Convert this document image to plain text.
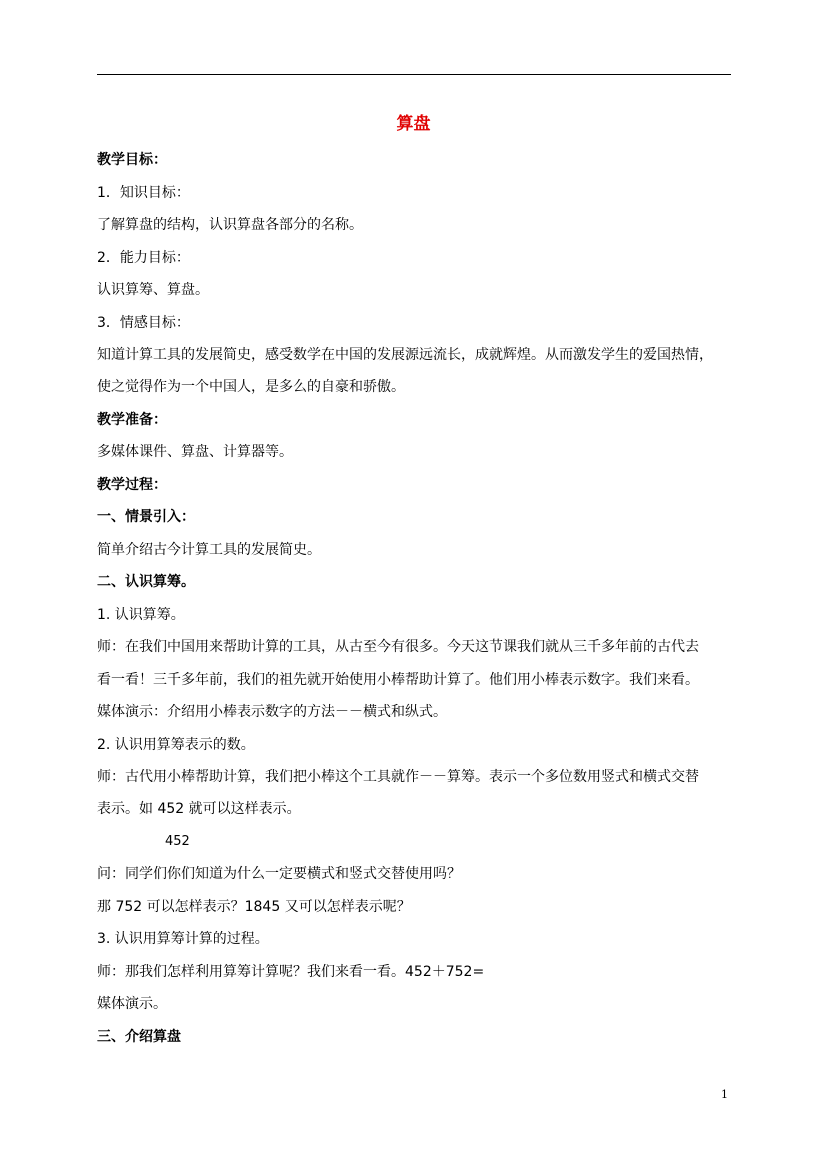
算盘
教学目标：
1．知识目标：
了解算盘的结构，认识算盘各部分的名称。
2．能力目标：
认识算筹、算盘。
3．情感目标：
知道计算工具的发展简史，感受数学在中国的发展源远流长，成就辉煌。从而激发学生的爱国热情，
使之觉得作为一个中国人，是多么的自豪和骄傲。
教学准备：
多媒体课件、算盘、计算器等。
教学过程：
一、情景引入：
简单介绍古今计算工具的发展简史。
二、认识算筹。
1. 认识算筹。
师：在我们中国用来帮助计算的工具，从古至今有很多。今天这节课我们就从三千多年前的古代去
看一看！三千多年前，我们的祖先就开始使用小棒帮助计算了。他们用小棒表示数字。我们来看。
媒体演示：介绍用小棒表示数字的方法－－横式和纵式。
2. 认识用算筹表示的数。
师：古代用小棒帮助计算，我们把小棒这个工具就作－－算筹。表示一个多位数用竖式和横式交替
表示。如 452 就可以这样表示。
452
问：同学们你们知道为什么一定要横式和竖式交替使用吗？
那 752 可以怎样表示？1845 又可以怎样表示呢？
3. 认识用算筹计算的过程。
师：那我们怎样利用算筹计算呢？我们来看一看。452＋752=
媒体演示。
三、介绍算盘
1
